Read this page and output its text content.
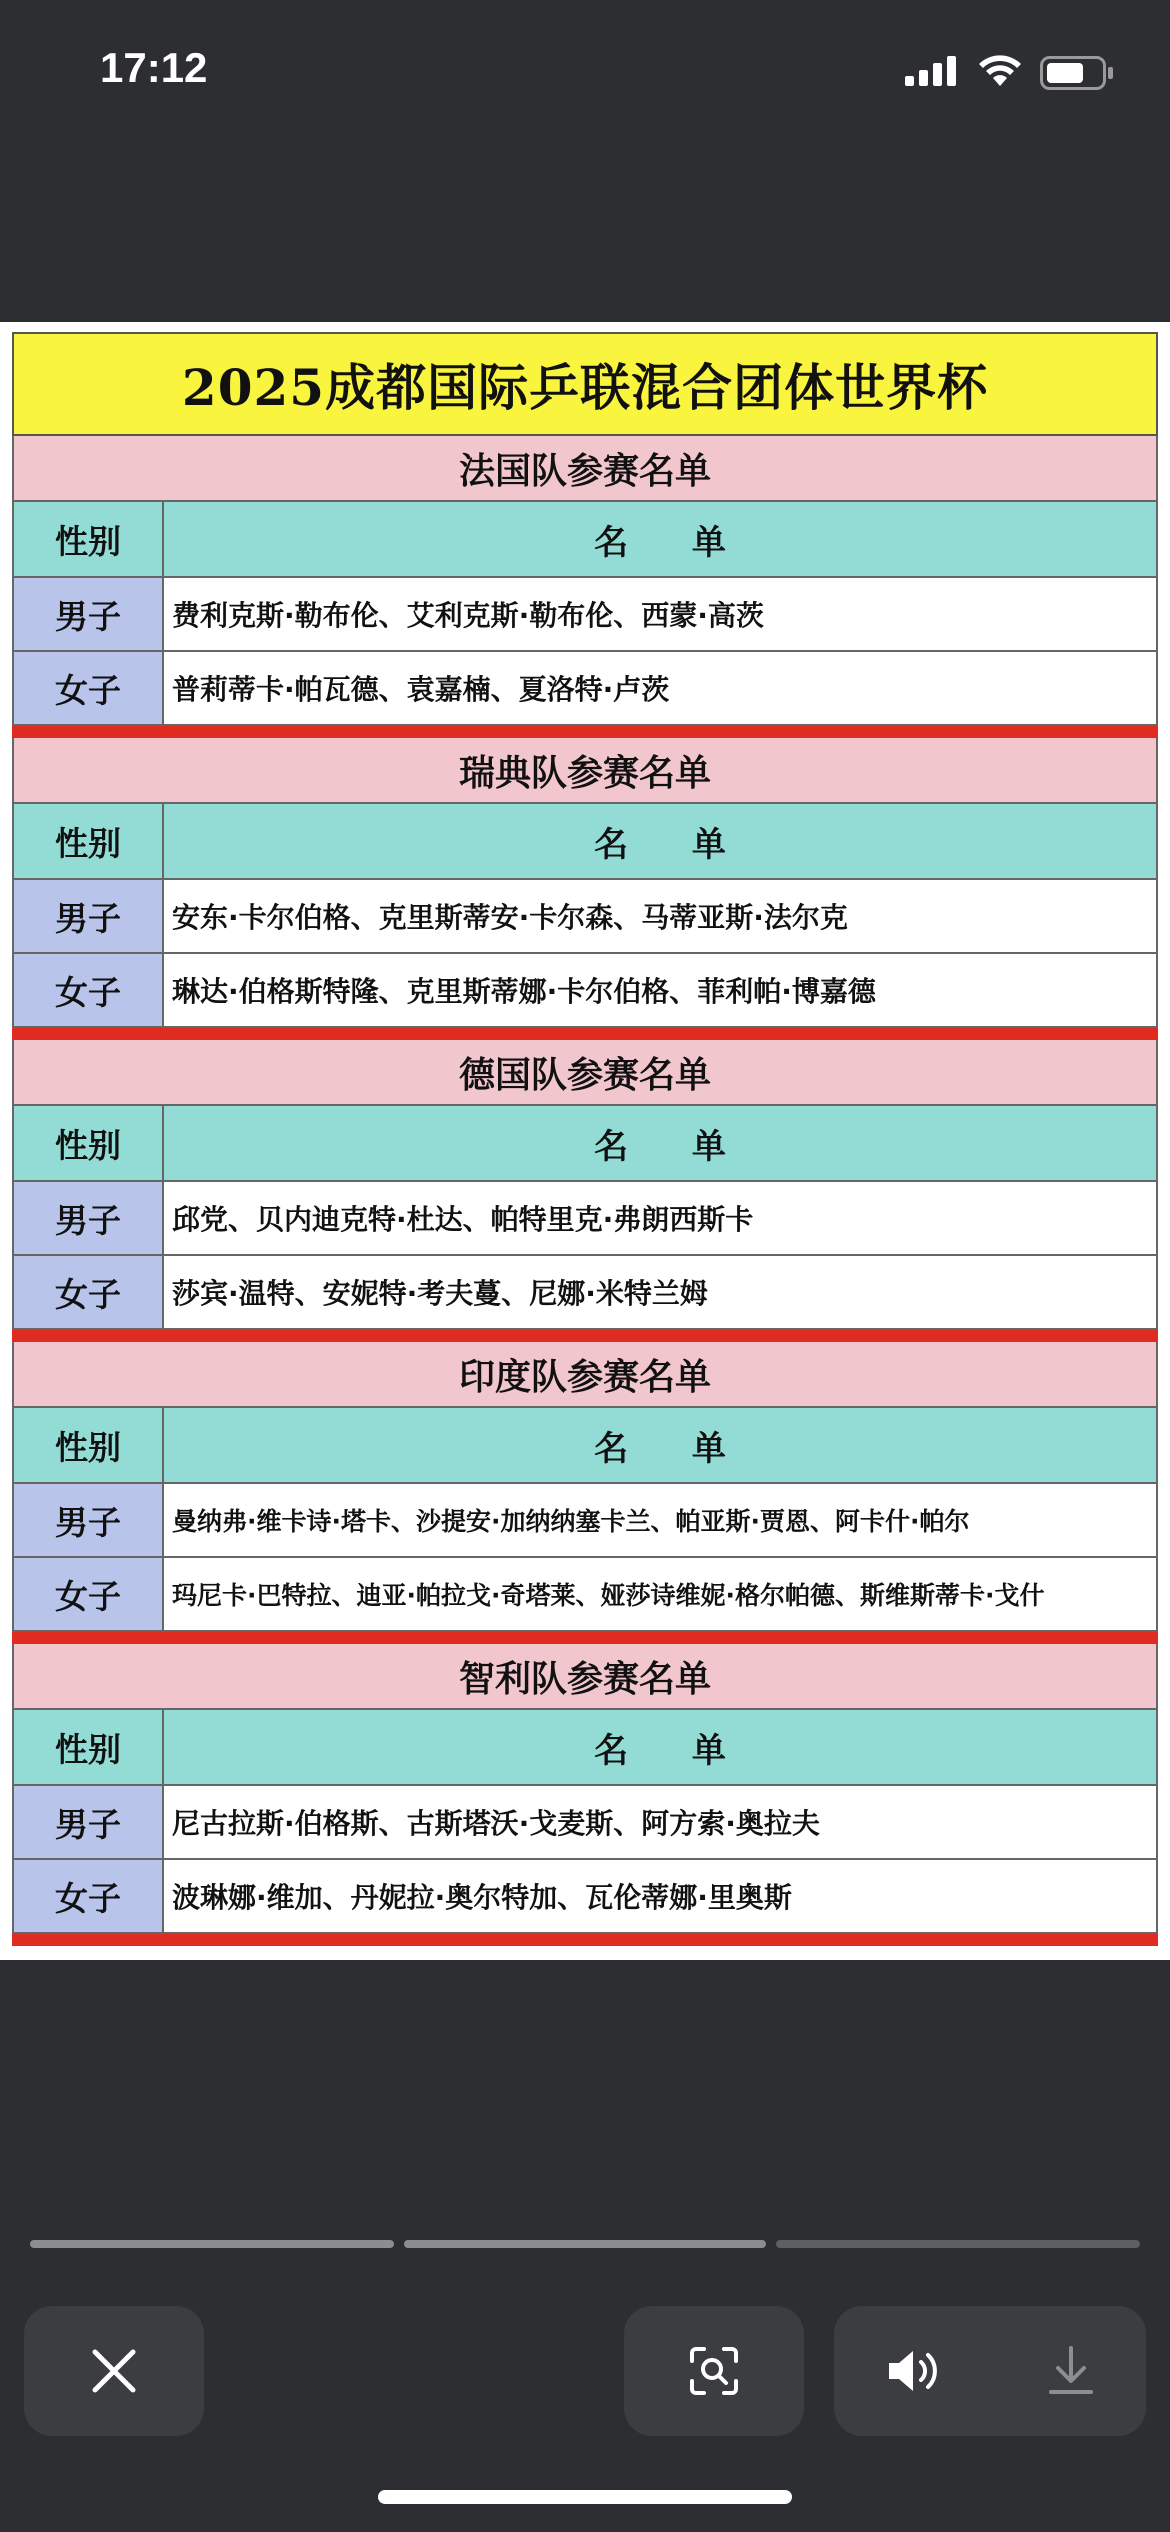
17:12
2025成都国际乒联混合团体世界杯
法国队参赛名单
性别	名 单
男子	费利克斯·勒布伦、艾利克斯·勒布伦、西蒙·高茨
女子	普莉蒂卡·帕瓦德、袁嘉楠、夏洛特·卢茨
瑞典队参赛名单
性别	名 单
男子	安东·卡尔伯格、克里斯蒂安·卡尔森、马蒂亚斯·法尔克
女子	琳达·伯格斯特隆、克里斯蒂娜·卡尔伯格、菲利帕·博嘉德
德国队参赛名单
性别	名 单
男子	邱党、贝内迪克特·杜达、帕特里克·弗朗西斯卡
女子	莎宾·温特、安妮特·考夫蔓、尼娜·米特兰姆
印度队参赛名单
性别	名 单
男子	曼纳弗·维卡诗·塔卡、沙提安·加纳纳塞卡兰、帕亚斯·贾恩、阿卡什·帕尔
女子	玛尼卡·巴特拉、迪亚·帕拉戈·奇塔莱、娅莎诗维妮·格尔帕德、斯维斯蒂卡·戈什
智利队参赛名单
性别	名 单
男子	尼古拉斯·伯格斯、古斯塔沃·戈麦斯、阿方索·奥拉夫
女子	波琳娜·维加、丹妮拉·奥尔特加、瓦伦蒂娜·里奥斯
